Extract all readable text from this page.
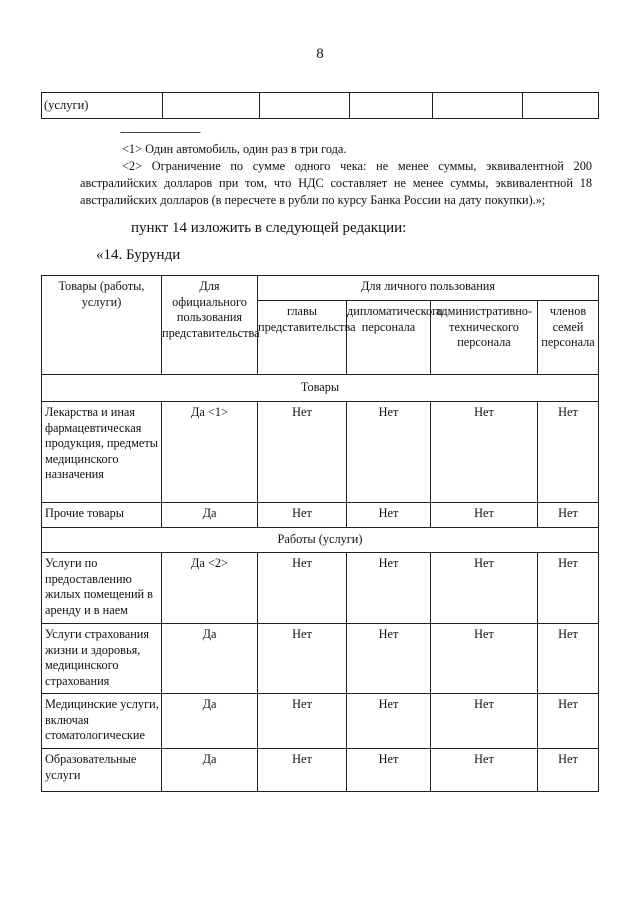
8
(услуги)					
------------------------------
<1> Один автомобиль, один раз в три года.
<2> Ограничение по сумме одного чека: не менее суммы, эквивалентной 200 австралийских долларов при том, что НДС составляет не менее суммы, эквивалентной 18 австралийских долларов (в пересчете в рубли по курсу Банка России на дату покупки).»;
пункт 14 изложить в следующей редакции:
«14. Бурунди
Товары (работы, услуги)	Для официального пользования представительства	Для личного пользования			
		главы представительства	дипломатического персонала	административно-технического персонала	членов семей персонала
Товары					
Лекарства и иная фармацевтическая продукция, предметы медицинского назначения	Да <1>	Нет	Нет	Нет	Нет
Прочие товары	Да	Нет	Нет	Нет	Нет
Работы (услуги)					
Услуги по предоставлению жилых помещений в аренду и в наем	Да <2>	Нет	Нет	Нет	Нет
Услуги страхования жизни и здоровья, медицинского страхования	Да	Нет	Нет	Нет	Нет
Медицинские услуги, включая стоматологические	Да	Нет	Нет	Нет	Нет
Образовательные услуги	Да	Нет	Нет	Нет	Нет
